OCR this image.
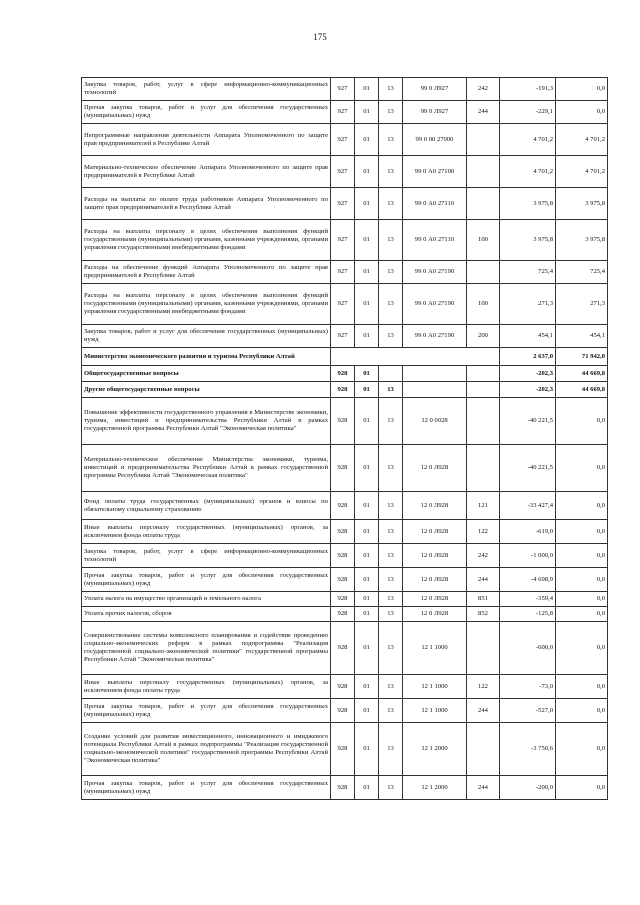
175
Закупка товаров, работ, услуг в сфере информационно-коммуникационных технологий	927	01	13	99 0 Л927	242	-191,3	0,0
Прочая закупка товаров, работ и услуг для обеспечения государственных (муниципальных) нужд	927	01	13	99 0 Л927	244	-229,1	0,0
Непрограммные направления деятельности Аппарата Уполномоченного по защите прав предпринимателей в Республике Алтай	927	01	13	99 0 00 27000		4 701,2	4 701,2
Материально-техническое обеспечение Аппарата Уполномоченного по защите прав предпринимателей в Республике Алтай	927	01	13	99 0 А0 27100		4 701,2	4 701,2
Расходы на выплаты по оплате труда работников Аппарата Уполномоченного по защите прав предпринимателей в Республике Алтай	927	01	13	99 0 А0 27110		3 975,8	3 975,8
Расходы на выплаты персоналу в целях обеспечения выполнения функций государственными (муниципальными) органами, казенными учреждениями, органами управления государственными внебюджетными фондами	927	01	13	99 0 А0 27110	100	3 975,8	3 975,8
Расходы на обеспечение функций Аппарата Уполномоченного по защите прав предпринимателей в Республике Алтай	927	01	13	99 0 А0 27190		725,4	725,4
Расходы на выплаты персоналу в целях обеспечения выполнения функций государственными (муниципальными) органами, казенными учреждениями, органами управления государственными внебюджетными фондами	927	01	13	99 0 А0 27190	100	271,3	271,3
Закупка товаров, работ и услуг для обеспечения государственных (муниципальных) нужд	927	01	13	99 0 А0 27190	200	454,1	454,1
Министерство экономического развития и туризма Республики Алтай						2 637,0	71 942,0
Общегосударственные вопросы	928	01				-202,3	44 669,8
Другие общегосударственные вопросы	928	01	13			-202,3	44 669,8
Повышение эффективности государственного управления в Министерстве экономики, туризма, инвестиций и предпринимательства Республики Алтай в рамках государственной программы Республики Алтай "Экономическая политика"	928	01	13	12 0 0928		-40 221,5	0,0
Материально-техническое обеспечение Министерства экономики, туризма, инвестиций и предпринимательства Республики Алтай в рамках государственной программы Республики Алтай "Экономическая политика"	928	01	13	12 0 Л928		-40 221,5	0,0
Фонд оплаты труда государственных (муниципальных) органов и взносы по обязательному социальному страхованию	928	01	13	12 0 Л928	121	-33 427,4	0,0
Иные выплаты персоналу государственных (муниципальных) органов, за исключением фонда оплаты труда	928	01	13	12 0 Л928	122	-619,0	0,0
Закупка товаров, работ, услуг в сфере информационно-коммуникационных технологий	928	01	13	12 0 Л928	242	-1 000,0	0,0
Прочая закупка товаров, работ и услуг для обеспечения государственных (муниципальных) нужд	928	01	13	12 0 Л928	244	-4 698,9	0,0
Уплата налога на имущество организаций и земельного налога	928	01	13	12 0 Л928	851	-359,4	0,0
Уплата прочих налогов, сборов	928	01	13	12 0 Л928	852	-125,8	0,0
Совершенствование системы комплексного планирования и содействие проведению социально-экономических реформ в рамках подпрограммы "Реализация государственной социально-экономической политики" государственной программы Республики Алтай "Экономическая политика"	928	01	13	12 1 1000		-600,0	0,0
Иные выплаты персоналу государственных (муниципальных) органов, за исключением фонда оплаты труда	928	01	13	12 1 1000	122	-73,0	0,0
Прочая закупка товаров, работ и услуг для обеспечения государственных (муниципальных) нужд	928	01	13	12 1 1000	244	-527,0	0,0
Создание условий для развития инвестиционного, инновационного и имиджевого потенциала Республики Алтай в рамках подпрограммы "Реализация государственной социально-экономической политики" государственной программы Республики Алтай "Экономическая политика"	928	01	13	12 1 2000		-3 750,6	0,0
Прочая закупка товаров, работ и услуг для обеспечения государственных (муниципальных) нужд	928	01	13	12 1 2000	244	-200,0	0,0
